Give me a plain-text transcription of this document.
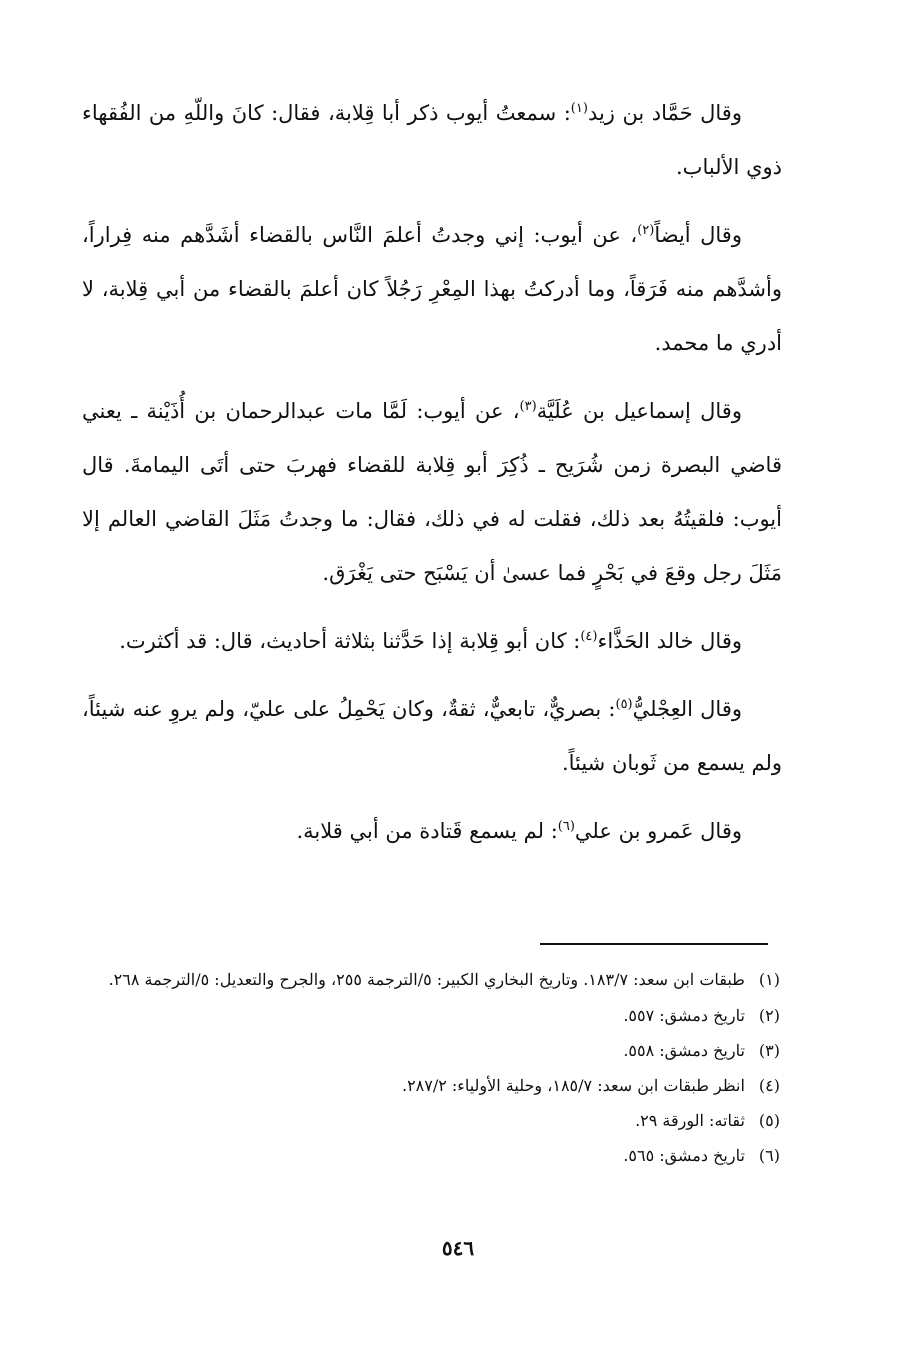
وقال حَمَّاد بن زيد$^{(١)}$: سمعتُ أيوب ذكر أبا قِلابة، فقال: كانَ واللّهِ من الفُقهاء ذوي الألباب.

وقال أيضاً$^{(٢)}$، عن أيوب: إني وجدتُ أعلمَ النَّاس بالقضاء أشَدَّهم منه فِراراً، وأشدَّهم منه فَرَقاً، وما أدركتُ بهذا المِعْرِ رَجُلاً كان أعلمَ بالقضاء من أبي قِلابة، لا أدري ما محمد.

وقال إسماعيل بن عُلَيَّة$^{(٣)}$، عن أيوب: لَمَّا مات عبدالرحمان بن أُذَيْنة ـ يعني قاضي البصرة زمن شُرَيح ـ ذُكِرَ أبو قِلابة للقضاء فهربَ حتى أتَى اليمامةَ. قال أيوب: فلقيتُهُ بعد ذلك، فقلت له في ذلك، فقال: ما وجدتُ مَثَلَ القاضي العالم إلا مَثَلَ رجل وقعَ في بَحْرٍ فما عسىٰ أن يَسْبَح حتى يَغْرَق.

وقال خالد الحَذَّاء$^{(٤)}$: كان أبو قِلابة إذا حَدَّثنا بثلاثة أحاديث، قال: قد أكثرت.

وقال العِجْليُّ$^{(٥)}$: بصريٌّ، تابعيٌّ، ثقةٌ، وكان يَحْمِلُ على عليّ، ولم يروِ عنه شيئاً، ولم يسمع من ثَوبان شيئاً.

وقال عَمرو بن علي$^{(٦)}$: لم يسمع قَتادة من أبي قلابة.

(١) طبقات ابن سعد: ١٨٣/٧. وتاريخ البخاري الكبير: ٥/الترجمة ٢٥٥، والجرح والتعديل: ٥/الترجمة ٢٦٨.

(٢) تاريخ دمشق: ٥٥٧.

(٣) تاريخ دمشق: ٥٥٨.

(٤) انظر طبقات ابن سعد: ١٨٥/٧، وحلية الأولياء: ٢٨٧/٢.

(٥) ثقاته: الورقة ٢٩.

(٦) تاريخ دمشق: ٥٦٥.

٥٤٦
